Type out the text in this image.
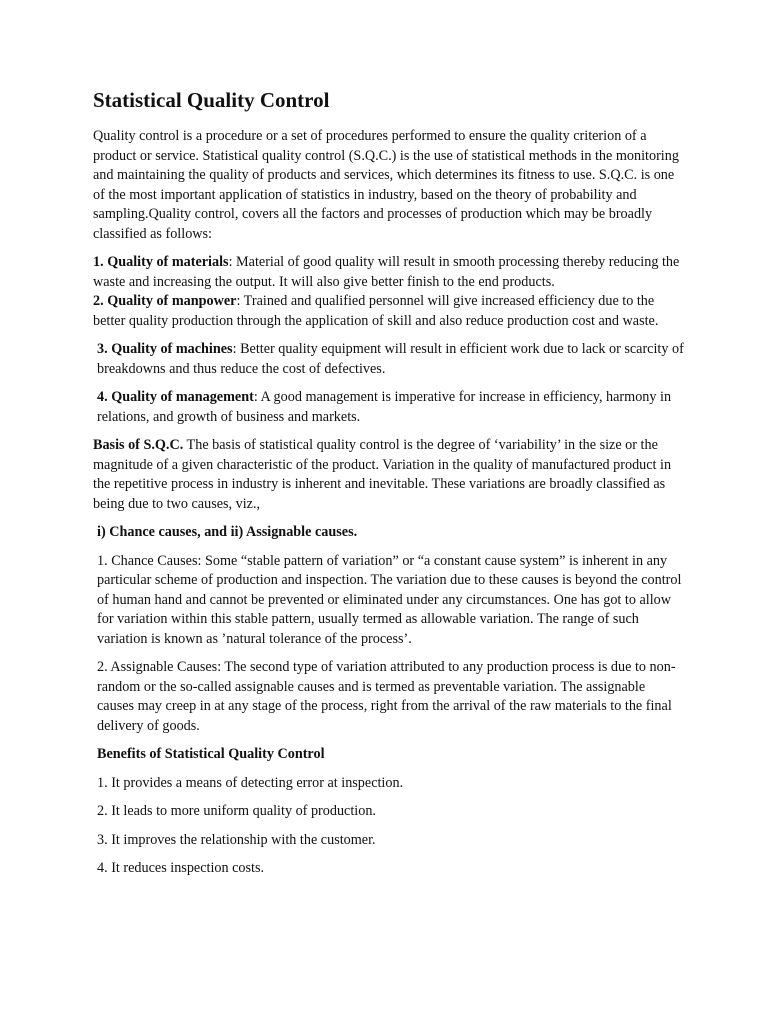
Statistical Quality Control

Quality control is a procedure or a set of procedures performed to ensure the quality criterion of a product or service. Statistical quality control (S.Q.C.) is the use of statistical methods in the monitoring and maintaining the quality of products and services, which determines its fitness to use. S.Q.C. is one of the most important application of statistics in industry, based on the theory of probability and sampling.Quality control, covers all the factors and processes of production which may be broadly classified as follows:

1. Quality of materials: Material of good quality will result in smooth processing thereby reducing the waste and increasing the output. It will also give better finish to the end products.

2. Quality of manpower: Trained and qualified personnel will give increased efficiency due to the better quality production through the application of skill and also reduce production cost and waste.

3. Quality of machines: Better quality equipment will result in efficient work due to lack or scarcity of breakdowns and thus reduce the cost of defectives.

4. Quality of management: A good management is imperative for increase in efficiency, harmony in relations, and growth of business and markets.

Basis of S.Q.C. The basis of statistical quality control is the degree of ‘variability’ in the size or the magnitude of a given characteristic of the product. Variation in the quality of manufactured product in the repetitive process in industry is inherent and inevitable. These variations are broadly classified as being due to two causes, viz.,

i) Chance causes, and ii) Assignable causes.

1. Chance Causes: Some “stable pattern of variation” or “a constant cause system” is inherent in any particular scheme of production and inspection. The variation due to these causes is beyond the control of human hand and cannot be prevented or eliminated under any circumstances. One has got to allow for variation within this stable pattern, usually termed as allowable variation. The range of such variation is known as ’natural tolerance of the process’.

2. Assignable Causes: The second type of variation attributed to any production process is due to non-random or the so-called assignable causes and is termed as preventable variation. The assignable causes may creep in at any stage of the process, right from the arrival of the raw materials to the final delivery of goods.

Benefits of Statistical Quality Control

1. It provides a means of detecting error at inspection.

2. It leads to more uniform quality of production.

3. It improves the relationship with the customer.

4. It reduces inspection costs.
